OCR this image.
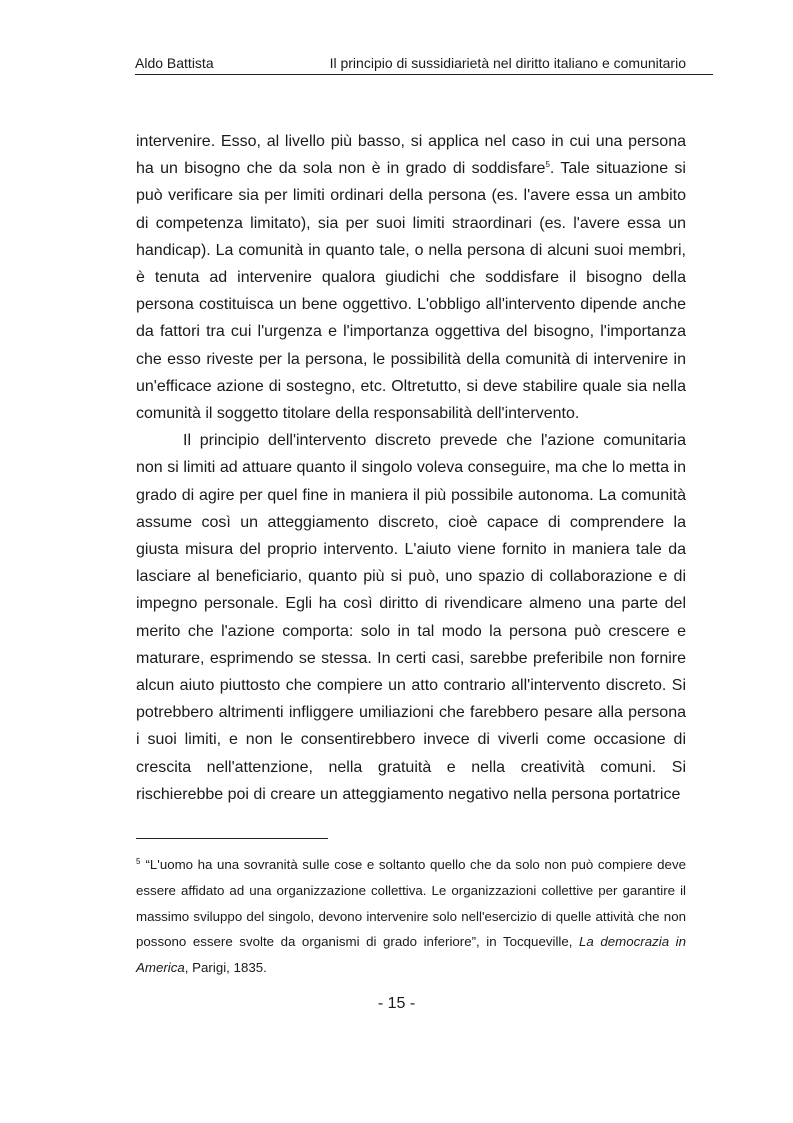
Aldo Battista	Il principio di sussidiarietà nel diritto italiano e comunitario

intervenire. Esso, al livello più basso, si applica nel caso in cui una persona ha un bisogno che da sola non è in grado di soddisfare$^5$. Tale situazione si può verificare sia per limiti ordinari della persona (es. l'avere essa un ambito di competenza limitato), sia per suoi limiti straordinari (es. l'avere essa un handicap). La comunità in quanto tale, o nella persona di alcuni suoi membri, è tenuta ad intervenire qualora giudichi che soddisfare il bisogno della persona costituisca un bene oggettivo. L'obbligo all'intervento dipende anche da fattori tra cui l'urgenza e l'importanza oggettiva del bisogno, l'importanza che esso riveste per la persona, le possibilità della comunità di intervenire in un'efficace azione di sostegno, etc. Oltretutto, si deve stabilire quale sia nella comunità il soggetto titolare della responsabilità dell'intervento.

Il principio dell'intervento discreto prevede che l'azione comunitaria non si limiti ad attuare quanto il singolo voleva conseguire, ma che lo metta in grado di agire per quel fine in maniera il più possibile autonoma. La comunità assume così un atteggiamento discreto, cioè capace di comprendere la giusta misura del proprio intervento. L'aiuto viene fornito in maniera tale da lasciare al beneficiario, quanto più si può, uno spazio di collaborazione e di impegno personale. Egli ha così diritto di rivendicare almeno una parte del merito che l'azione comporta: solo in tal modo la persona può crescere e maturare, esprimendo se stessa. In certi casi, sarebbe preferibile non fornire alcun aiuto piuttosto che compiere un atto contrario all'intervento discreto. Si potrebbero altrimenti infliggere umiliazioni che farebbero pesare alla persona i suoi limiti, e non le consentirebbero invece di viverli come occasione di crescita nell'attenzione, nella gratuità e nella creatività comuni. Si rischierebbe poi di creare un atteggiamento negativo nella persona portatrice

$^5$ “L'uomo ha una sovranità sulle cose e soltanto quello che da solo non può compiere deve essere affidato ad una organizzazione collettiva. Le organizzazioni collettive per garantire il massimo sviluppo del singolo, devono intervenire solo nell'esercizio di quelle attività che non possono essere svolte da organismi di grado inferiore”, in Tocqueville, La democrazia in America, Parigi, 1835.
- 15 -
